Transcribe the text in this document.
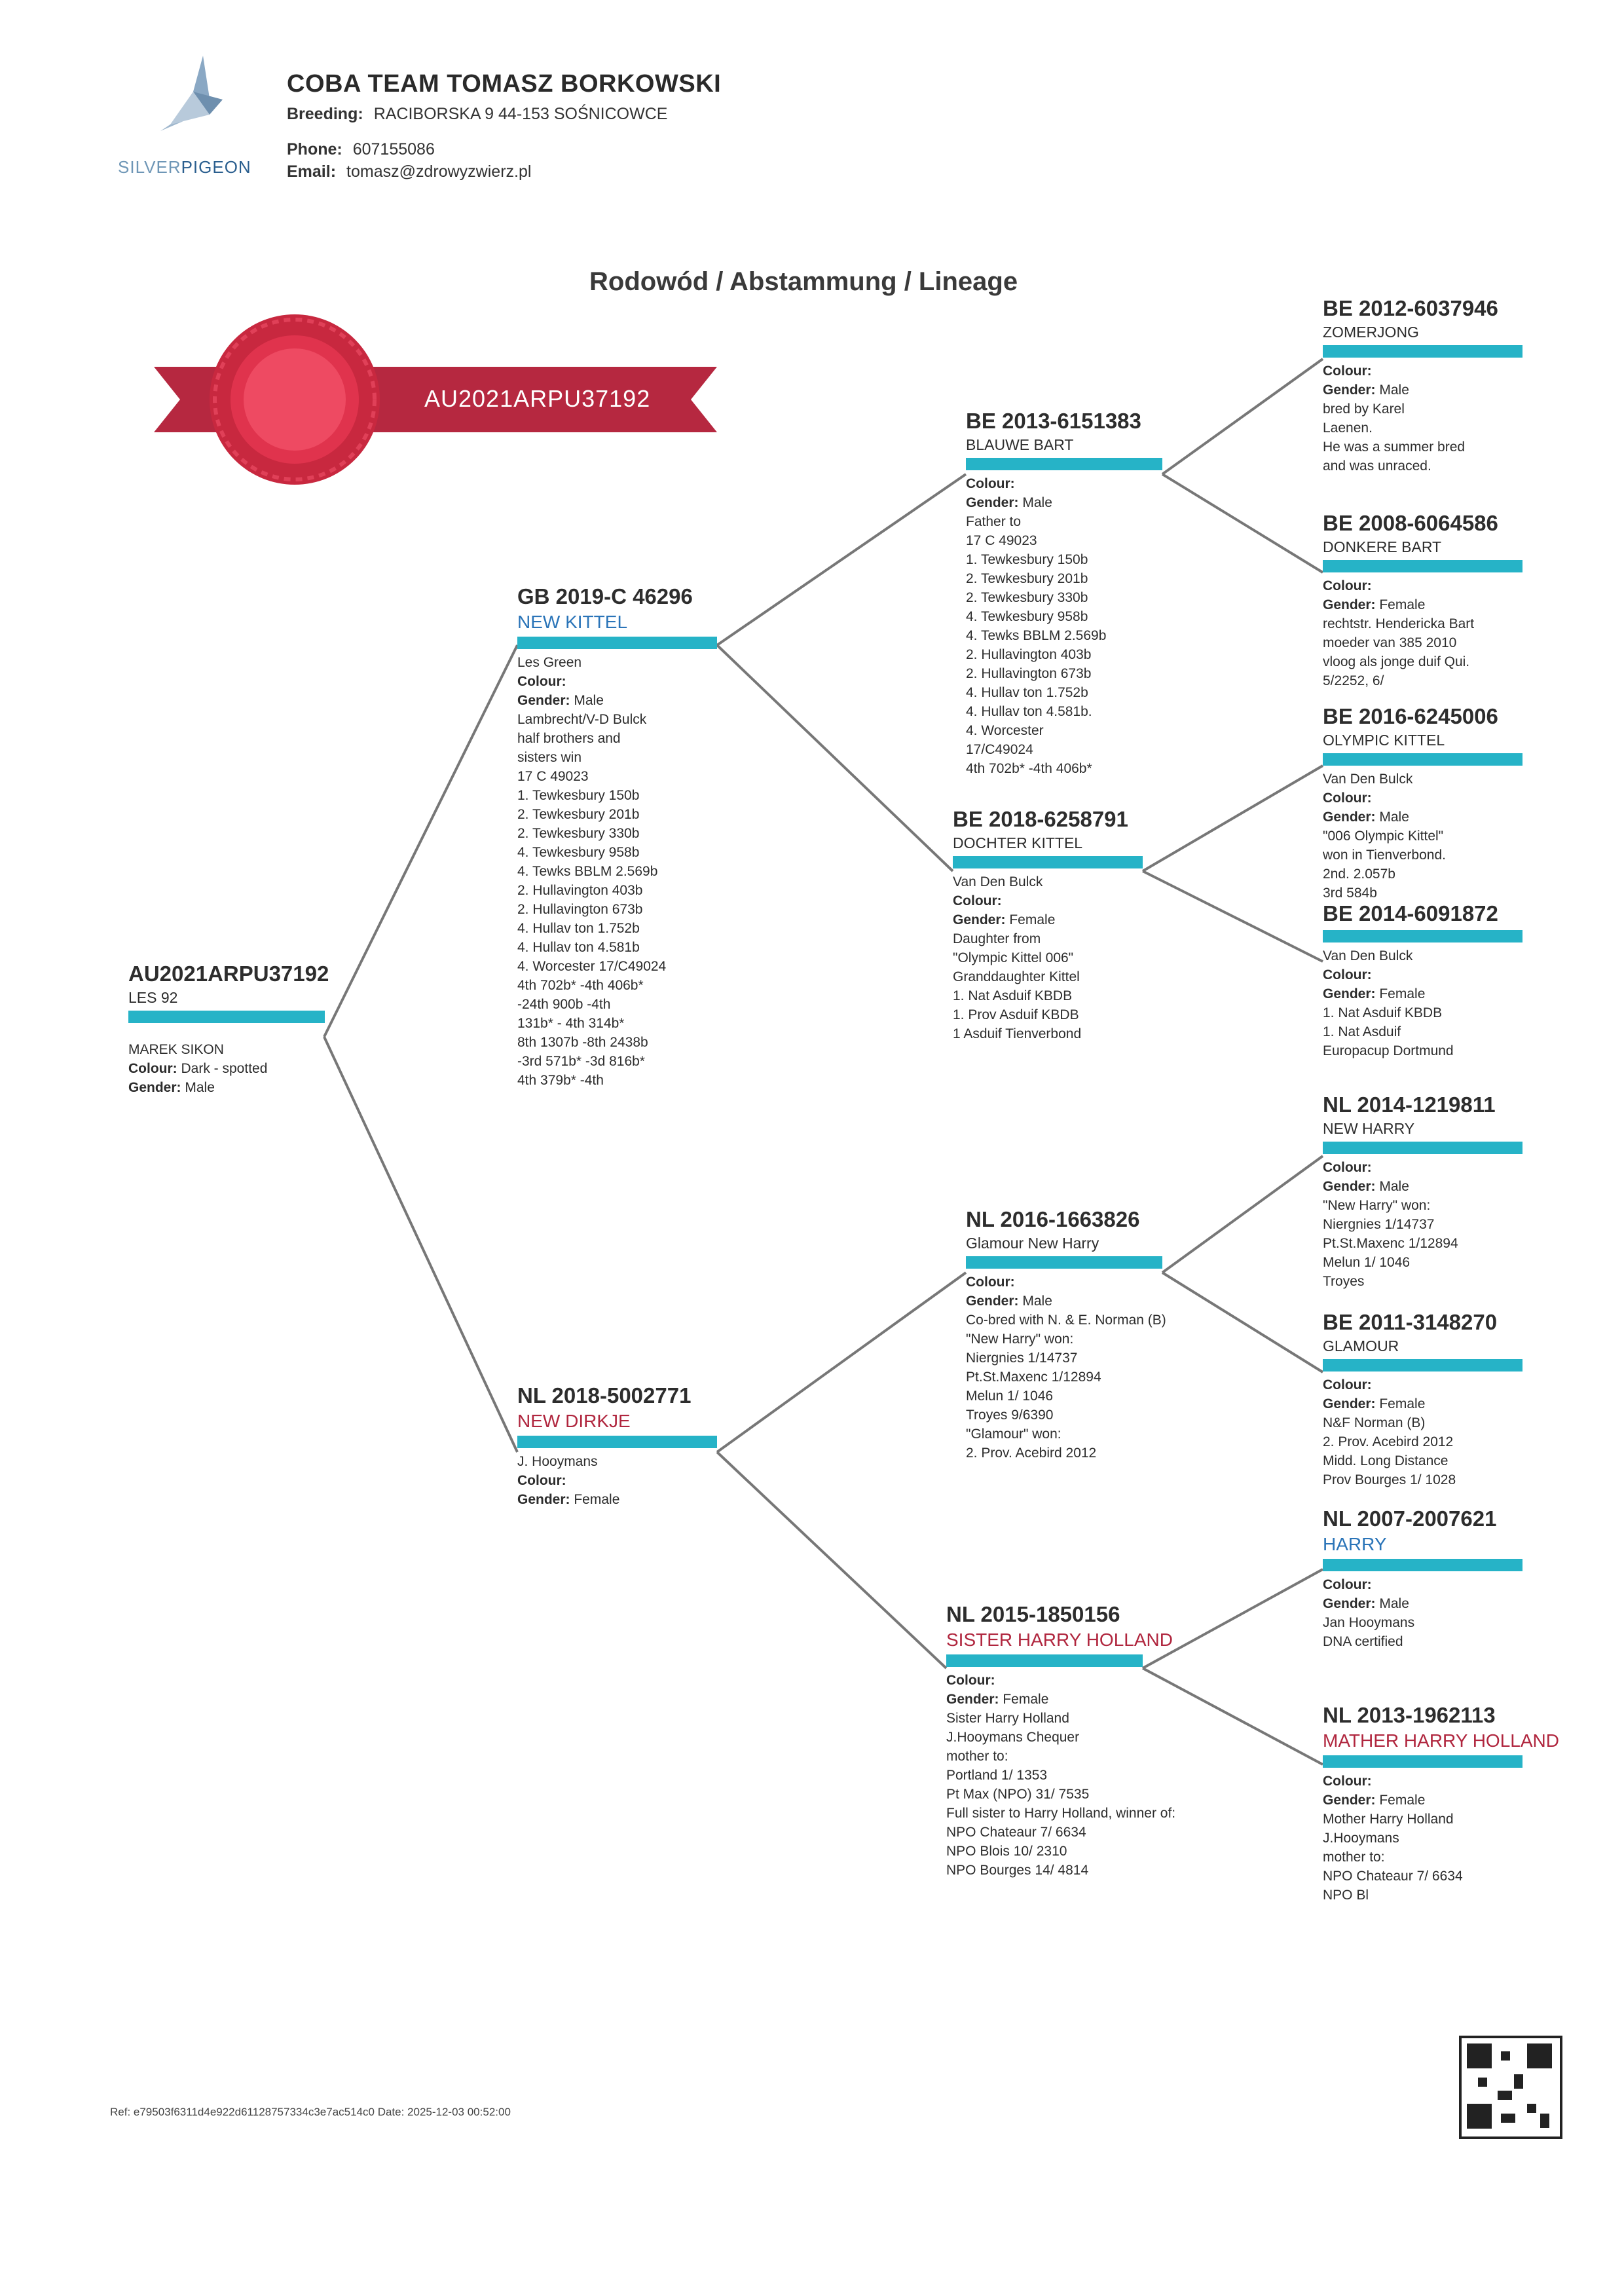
SILVERPIGEON
COBA TEAM TOMASZ BORKOWSKI
Breeding: RACIBORSKA 9 44-153 SOŚNICOWCE
Phone: 607155086
Email: tomasz@zdrowyzwierz.pl
Rodowód / Abstammung / Lineage
AU2021ARPU37192
AU2021ARPU37192
LES 92
MAREK SIKON
Colour: Dark - spotted
Gender: Male
GB 2019-C 46296
NEW KITTEL
Les Green
Colour:
Gender: Male
Lambrecht/V-D Bulck
half brothers and
sisters win
17 C 49023
1. Tewkesbury 150b
2. Tewkesbury 201b
2. Tewkesbury 330b
4. Tewkesbury 958b
4. Tewks BBLM 2.569b
2. Hullavington 403b
2. Hullavington 673b
4. Hullav ton 1.752b
4. Hullav ton 4.581b
4. Worcester 17/C49024
4th 702b* -4th 406b*
-24th 900b -4th
131b* - 4th 314b*
8th 1307b -8th 2438b
-3rd 571b* -3d 816b*
4th 379b* -4th
NL 2018-5002771
NEW DIRKJE
J. Hooymans
Colour:
Gender: Female
BE 2013-6151383
BLAUWE BART
Colour:
Gender: Male
Father to
17 C 49023
1. Tewkesbury 150b
2. Tewkesbury 201b
2. Tewkesbury 330b
4. Tewkesbury 958b
4. Tewks BBLM 2.569b
2. Hullavington 403b
2. Hullavington 673b
4. Hullav ton 1.752b
4. Hullav ton 4.581b.
4. Worcester
17/C49024
4th 702b* -4th 406b*
BE 2018-6258791
DOCHTER KITTEL
Van Den Bulck
Colour:
Gender: Female
Daughter from
"Olympic Kittel 006"
Granddaughter Kittel
1. Nat Asduif KBDB
1. Prov Asduif KBDB
1 Asduif Tienverbond
NL 2016-1663826
Glamour New Harry
Colour:
Gender: Male
Co-bred with N. & E. Norman (B)
"New Harry" won:
Niergnies 1/14737
Pt.St.Maxenc 1/12894
Melun 1/ 1046
Troyes 9/6390
"Glamour" won:
2. Prov. Acebird 2012
NL 2015-1850156
SISTER HARRY HOLLAND
Colour:
Gender: Female
Sister Harry Holland
J.Hooymans Chequer
mother to:
Portland 1/ 1353
Pt Max (NPO) 31/ 7535
Full sister to Harry Holland, winner of:
NPO Chateaur 7/ 6634
NPO Blois 10/ 2310
NPO Bourges 14/ 4814
BE 2012-6037946
ZOMERJONG
Colour:
Gender: Male
bred by Karel
Laenen.
He was a summer bred
and was unraced.
BE 2008-6064586
DONKERE BART
Colour:
Gender: Female
rechtstr. Hendericka Bart
moeder van 385 2010
vloog als jonge duif Qui.
5/2252, 6/
BE 2016-6245006
OLYMPIC KITTEL
Van Den Bulck
Colour:
Gender: Male
"006 Olympic Kittel"
won in Tienverbond.
2nd. 2.057b
3rd 584b
BE 2014-6091872
Van Den Bulck
Colour:
Gender: Female
1. Nat Asduif KBDB
1. Nat Asduif
Europacup Dortmund
NL 2014-1219811
NEW HARRY
Colour:
Gender: Male
"New Harry" won:
Niergnies 1/14737
Pt.St.Maxenc 1/12894
Melun 1/ 1046
Troyes
BE 2011-3148270
GLAMOUR
Colour:
Gender: Female
N&F Norman (B)
2. Prov. Acebird 2012
Midd. Long Distance
Prov Bourges 1/ 1028
NL 2007-2007621
HARRY
Colour:
Gender: Male
Jan Hooymans
DNA certified
NL 2013-1962113
MATHER HARRY HOLLAND
Colour:
Gender: Female
Mother Harry Holland
J.Hooymans
mother to:
NPO Chateaur 7/ 6634
NPO Bl
Ref: e79503f6311d4e922d61128757334c3e7ac514c0 Date: 2025-12-03 00:52:00
